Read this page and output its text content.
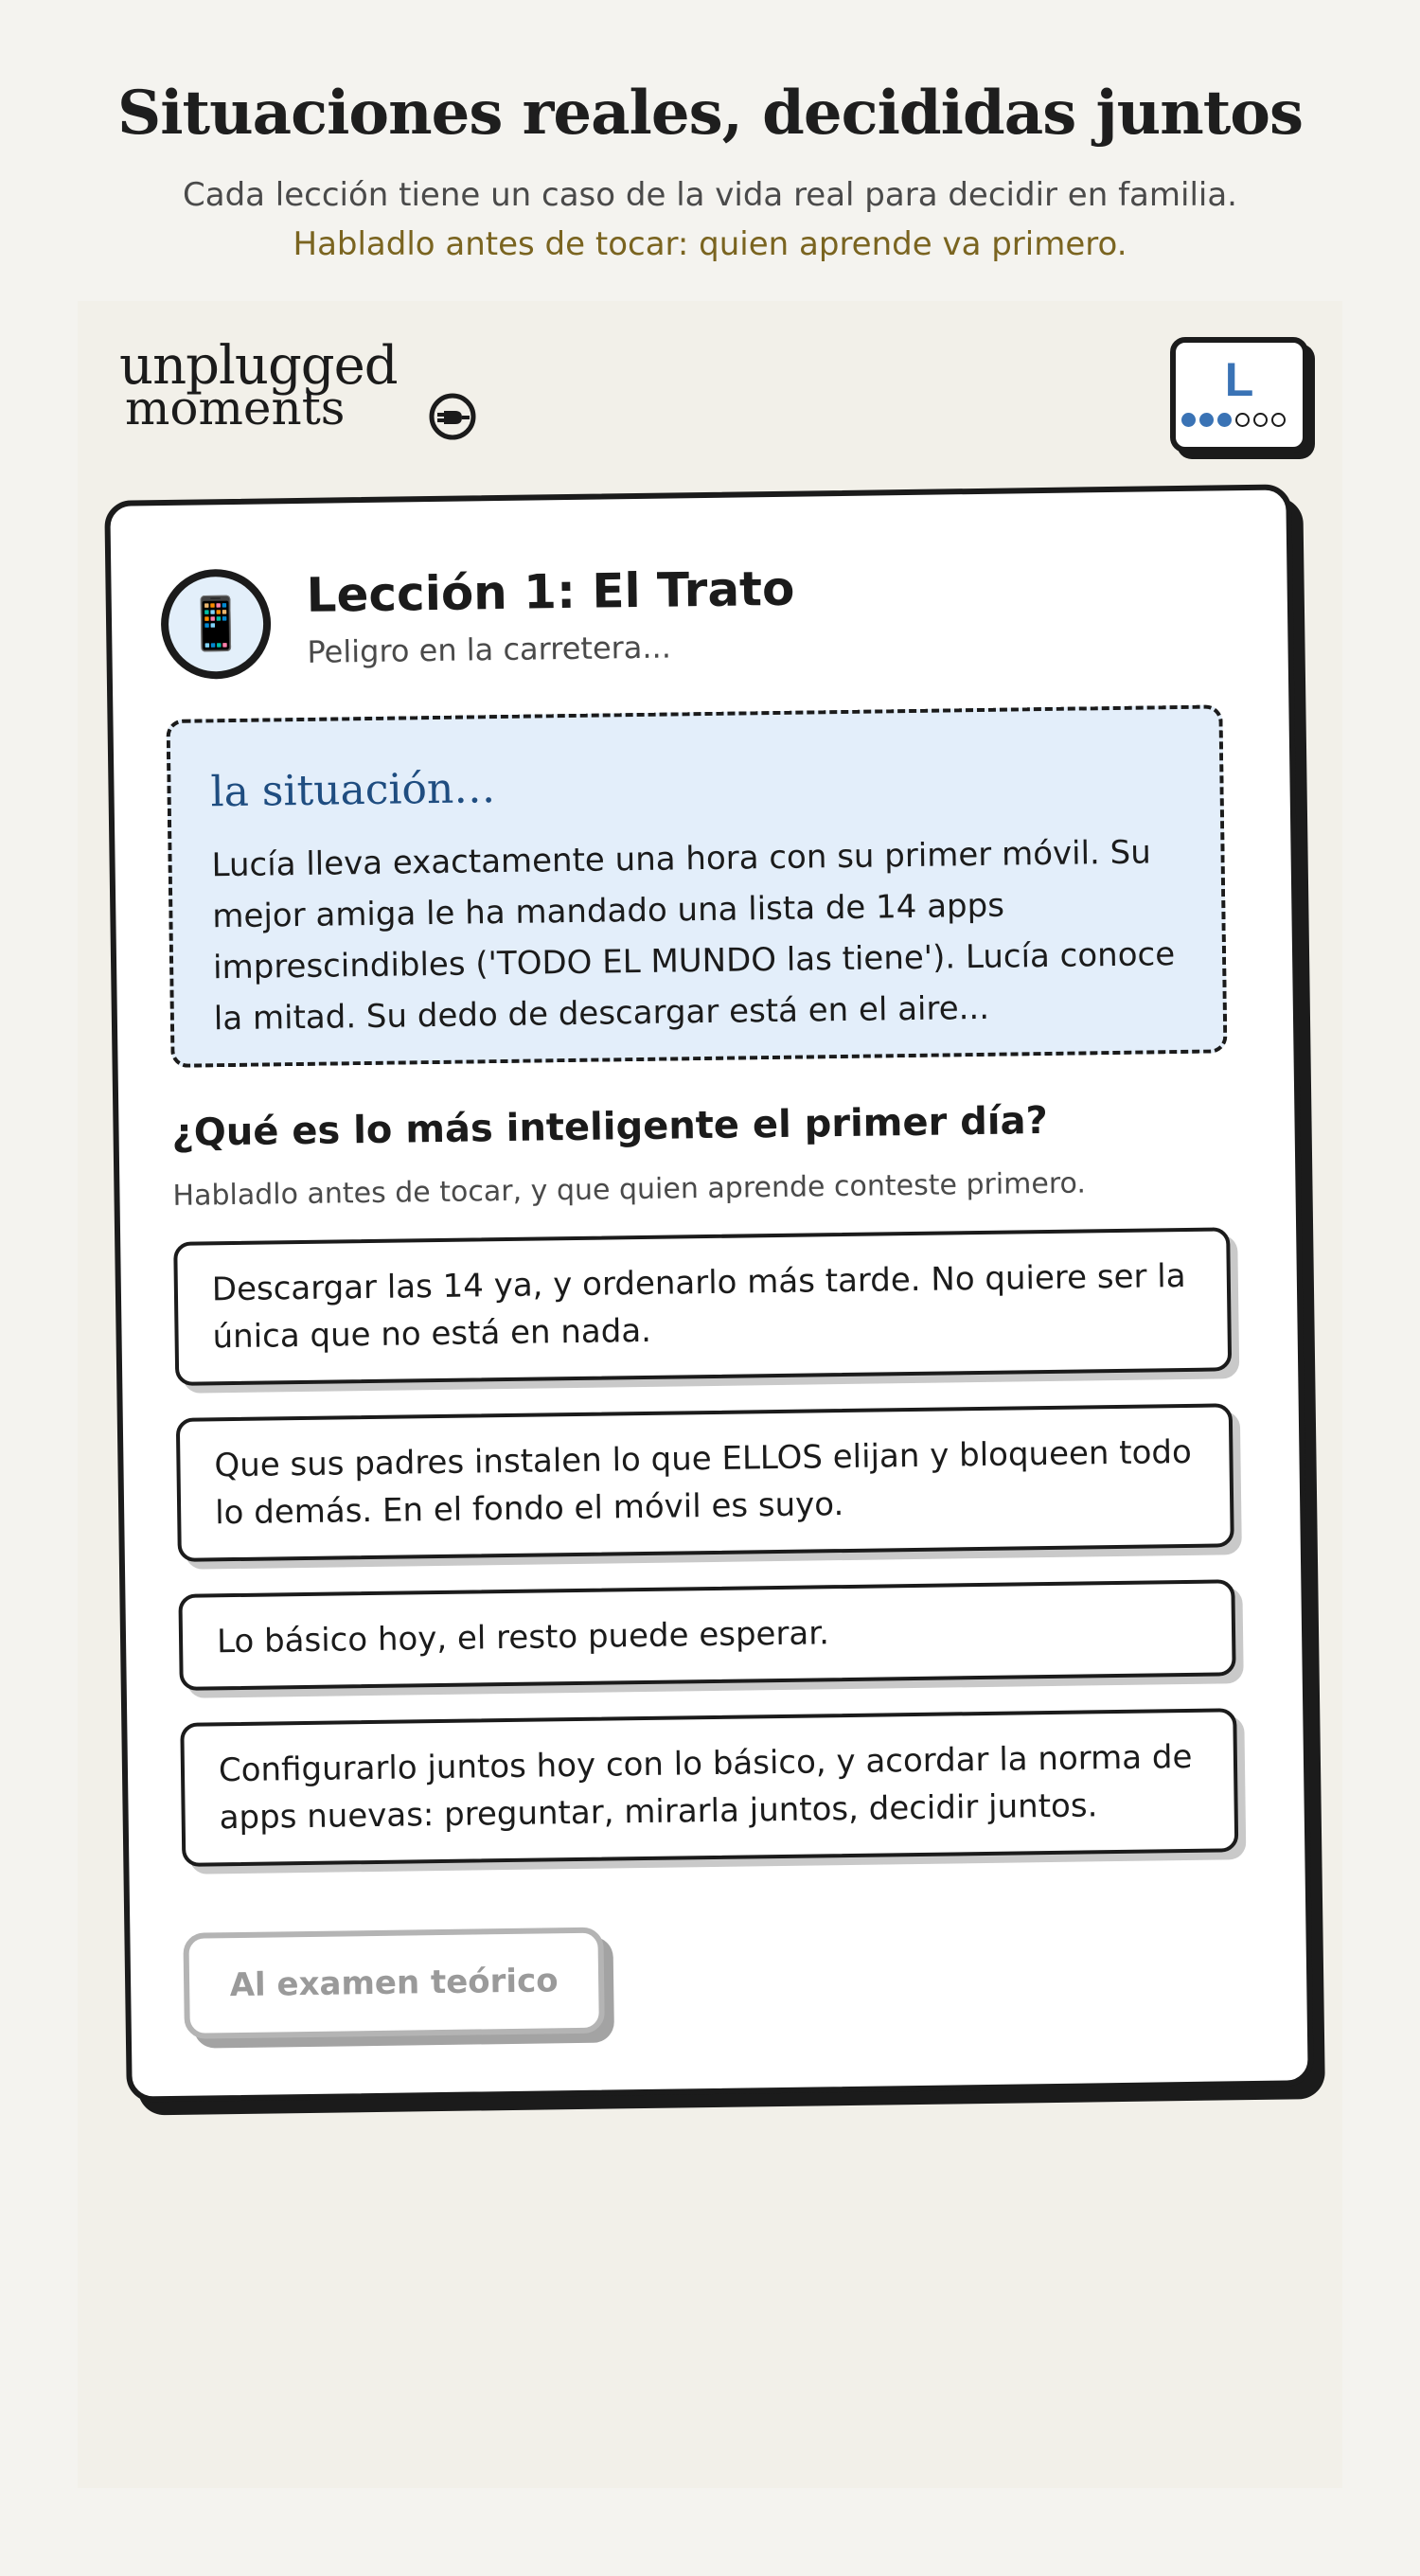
Situaciones reales, decididas juntos
Cada lección tiene un caso de la vida real para decidir en familia.
Habladlo antes de tocar: quien aprende va primero.
unplugged
moments
L
📱
Lección 1: El Trato
Peligro en la carretera...
la situación…
Lucía lleva exactamente una hora con su primer móvil. Su mejor amiga le ha mandado una lista de 14 apps imprescindibles ('TODO EL MUNDO las tiene'). Lucía conoce la mitad. Su dedo de descargar está en el aire...
¿Qué es lo más inteligente el primer día?
Habladlo antes de tocar, y que quien aprende conteste primero.
Descargar las 14 ya, y ordenarlo más tarde. No quiere ser la única que no está en nada.
Que sus padres instalen lo que ELLOS elijan y bloqueen todo lo demás. En el fondo el móvil es suyo.
Lo básico hoy, el resto puede esperar.
Configurarlo juntos hoy con lo básico, y acordar la norma de apps nuevas: preguntar, mirarla juntos, decidir juntos.
Al examen teórico
